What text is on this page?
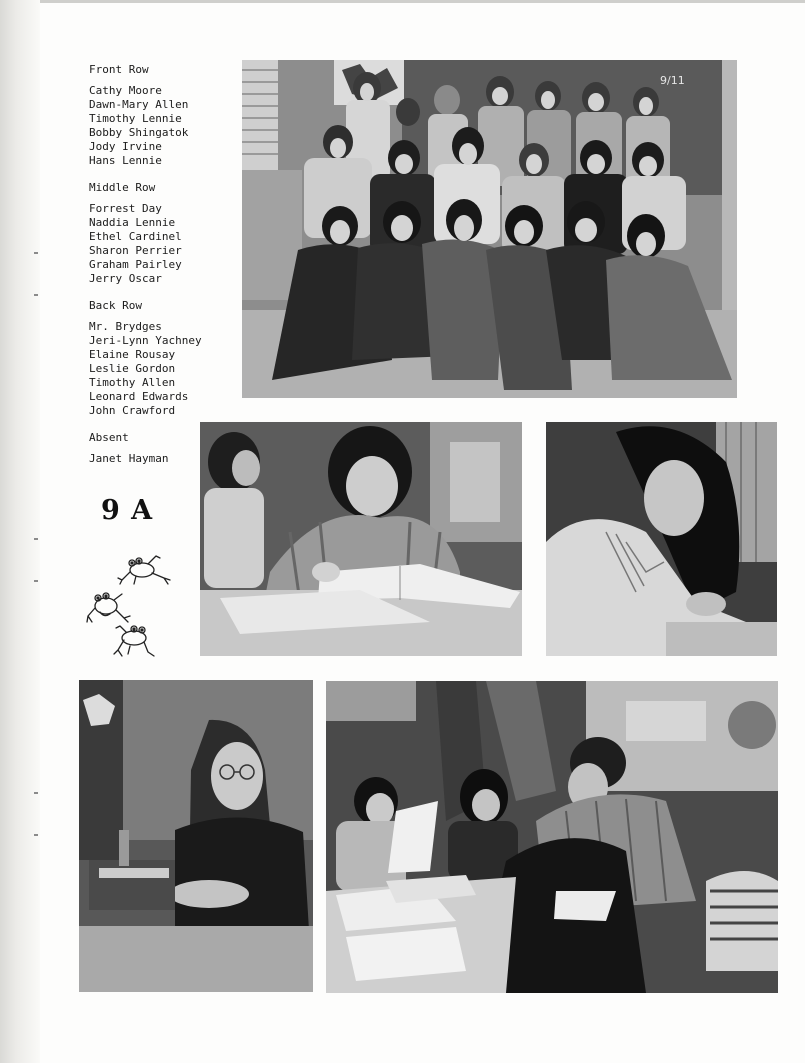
Front Row
Cathy Moore
Dawn-Mary Allen
Timothy Lennie
Bobby Shingatok
Jody Irvine
Hans Lennie
Middle Row
Forrest Day
Naddia Lennie
Ethel Cardinel
Sharon Perrier
Graham Pairley
Jerry Oscar
Back Row
Mr. Brydges
Jeri-Lynn Yachney
Elaine Rousay
Leslie Gordon
Timothy Allen
Leonard Edwards
John Crawford
Absent
Janet Hayman
9 A
9/11
